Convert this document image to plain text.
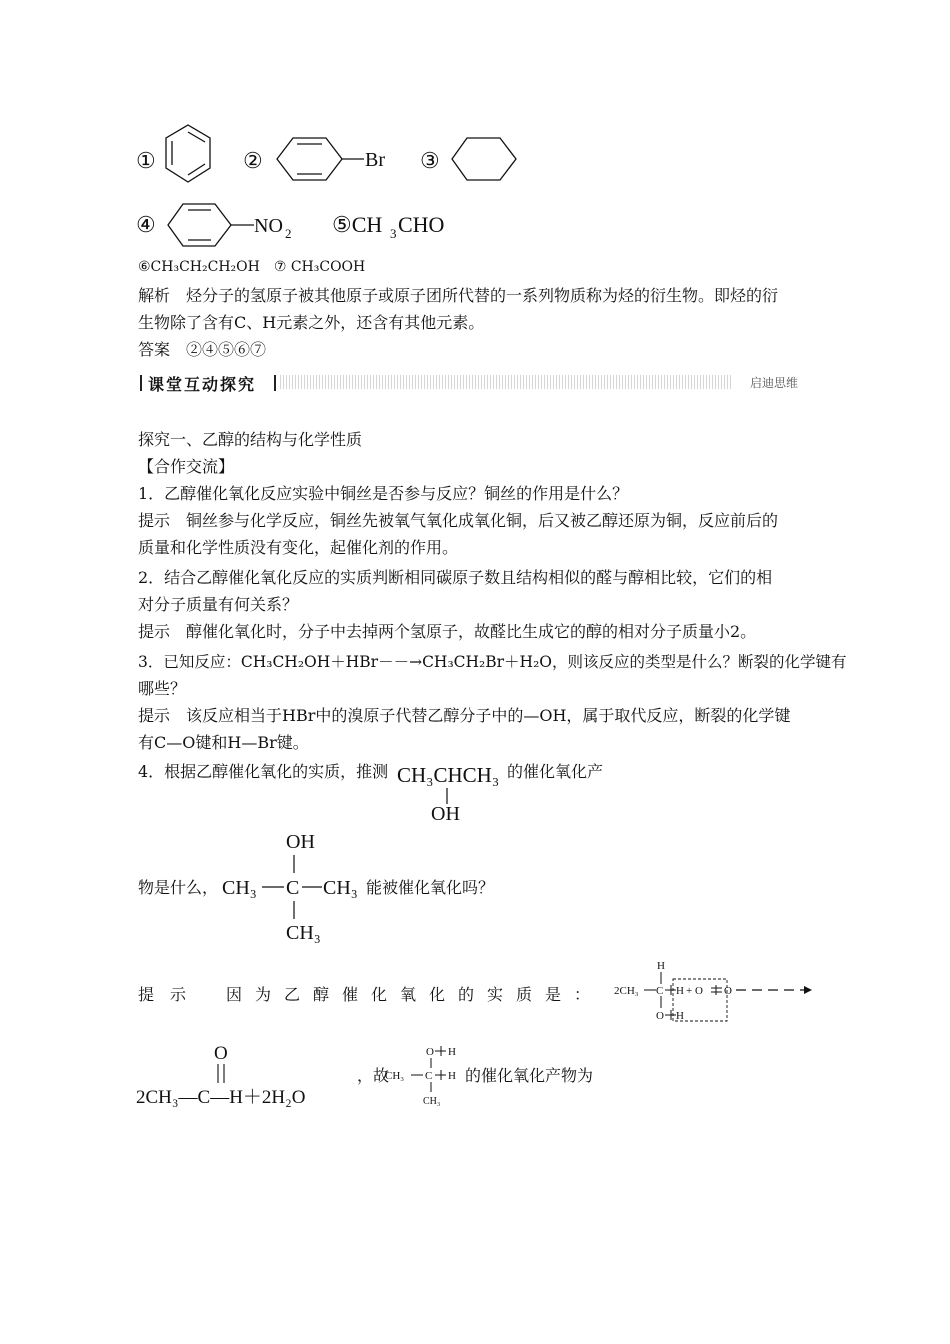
①	②	Br ③
④	NO 2 ⑤CH 3 CHO
⑥CH₃CH₂CH₂OH　⑦ CH₃COOH
解析　烃分子的氢原子被其他原子或原子团所代替的一系列物质称为烃的衍生物。即烃的衍
生物除了含有C、H元素之外，还含有其他元素。
答案　②④⑤⑥⑦
课堂互动探究	启迪思维
探究一、乙醇的结构与化学性质
【合作交流】
1．乙醇催化氧化反应实验中铜丝是否参与反应？铜丝的作用是什么？
提示　铜丝参与化学反应，铜丝先被氧气氧化成氧化铜，后又被乙醇还原为铜，反应前后的
质量和化学性质没有变化，起催化剂的作用。
2．结合乙醇催化氧化反应的实质判断相同碳原子数且结构相似的醛与醇相比较，它们的相
对分子质量有何关系？
提示　醇催化氧化时，分子中去掉两个氢原子，故醛比生成它的醇的相对分子质量小2。
3．已知反应：CH₃CH₂OH＋HBr－－→CH₃CH₂Br＋H₂O，则该反应的类型是什么？断裂的化学键有
哪些？
提示　该反应相当于HBr中的溴原子代替乙醇分子中的—OH，属于取代反应，断裂的化学键
有C—O键和H—Br键。
4．根据乙醇催化氧化的实质，推测 CH₃CHCH₃
OH
的催化氧化产
物是什么，
OH
CH₃ C CH₃
CH₃
能被催化氧化吗？
提示 因为乙醇催化氧化的实质是： 2CH₃ C
H
H + O O
O H
O
2CH₃—C—H＋2H₂O
，故
O H
CH₃ C H
CH₃
的催化氧化产物为
